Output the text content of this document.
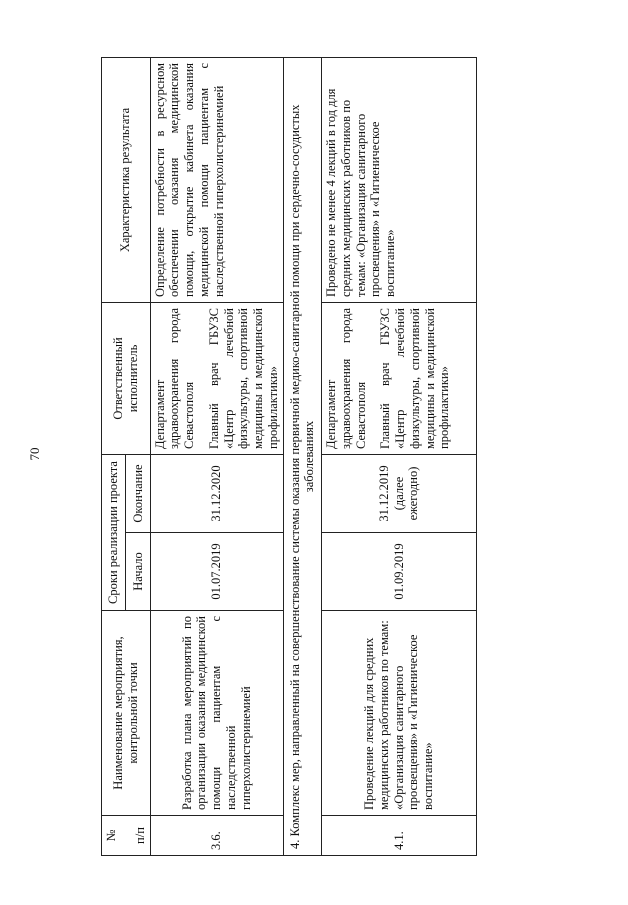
70
№ п/п	Наименование мероприятия, контрольной точки	Сроки реализации проекта		Ответственный исполнитель	Характеристика результата
		Начало	Окончание		
3.6.	Разработка плана мероприятий по организации оказания медицинской помощи пациентам с наследственной гиперхолистеринемией	01.07.2019	31.12.2020	Департамент здравоохранения города Севастополя Главный врач ГБУЗС «Центр лечебной физкультуры, спортивной медицины и медицинской профилактики»	Определение потребности в ресурсном обеспечении оказания медицинской помощи, открытие кабинета оказания медицинской помощи пациентам с наследственной гиперхолистеринемией

4. Комплекс мер, направленный на совершенствование системы оказания первичной медико-санитарной помощи при сердечно-сосудистых заболеваниях					

4.1.	Проведение лекций для средних медицинских работников по темам: «Организация санитарного просвещения» и «Гигиеническое воспитание»	01.09.2019	31.12.2019 (далее ежегодно)	Департамент здравоохранения города Севастополя Главный врач ГБУЗС «Центр лечебной физкультуры, спортивной медицины и медицинской профилактики»	Проведено не менее 4 лекций в год для средних медицинских работников по темам: «Организация санитарного просвещения» и «Гигиеническое воспитание»
